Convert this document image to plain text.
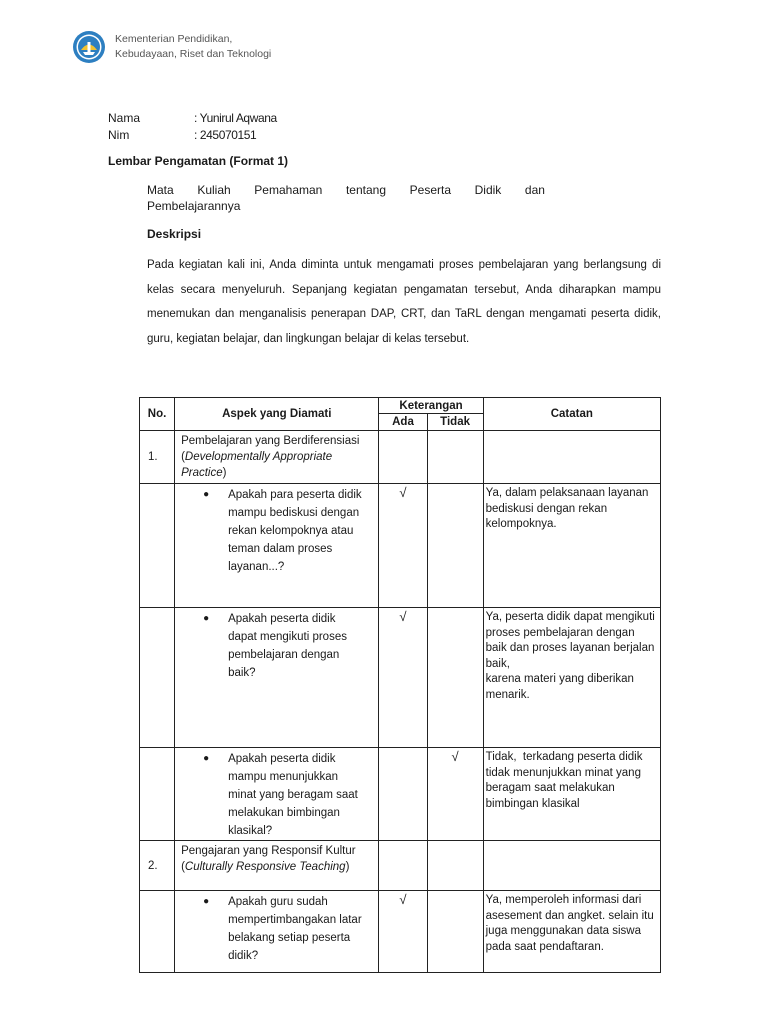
Kementerian Pendidikan,
Kebudayaan, Riset dan Teknologi
Nama	: Yunirul Aqwana
Nim	: 245070151
Lembar Pengamatan (Format 1)
Mata Kuliah Pemahaman tentang Peserta Didik dan
Pembelajarannya
Deskripsi
Pada kegiatan kali ini, Anda diminta untuk mengamati proses pembelajaran yang berlangsung di kelas secara menyeluruh. Sepanjang kegiatan pengamatan tersebut, Anda diharapkan mampu menemukan dan menganalisis penerapan DAP, CRT, dan TaRL dengan mengamati peserta didik, guru, kegiatan belajar, dan lingkungan belajar di kelas tersebut.
No.	Aspek yang Diamati	Keterangan		Catatan
		Ada	Tidak	
1.	Pembelajaran yang Berdiferensiasi (Developmentally Appropriate Practice)			

	● Apakah para peserta didik mampu bediskusi dengan rekan kelompoknya atau teman dalam proses layanan...?	√		Ya, dalam pelaksanaan layanan bediskusi dengan rekan kelompoknya.

	● Apakah peserta didik dapat mengikuti proses pembelajaran dengan baik?	√		Ya, peserta didik dapat mengikuti proses pembelajaran dengan baik dan proses layanan berjalan baik,
karena materi yang diberikan menarik.

	● Apakah peserta didik mampu menunjukkan minat yang beragam saat melakukan bimbingan klasikal?		√	Tidak,  terkadang peserta didik tidak menunjukkan minat yang beragam saat melakukan bimbingan klasikal

2.	Pengajaran yang Responsif Kultur (Culturally Responsive Teaching)			

	● Apakah guru sudah mempertimbangakan latar belakang setiap peserta didik?	√		Ya, memperoleh informasi dari asesement dan angket. selain itu juga menggunakan data siswa pada saat pendaftaran.
